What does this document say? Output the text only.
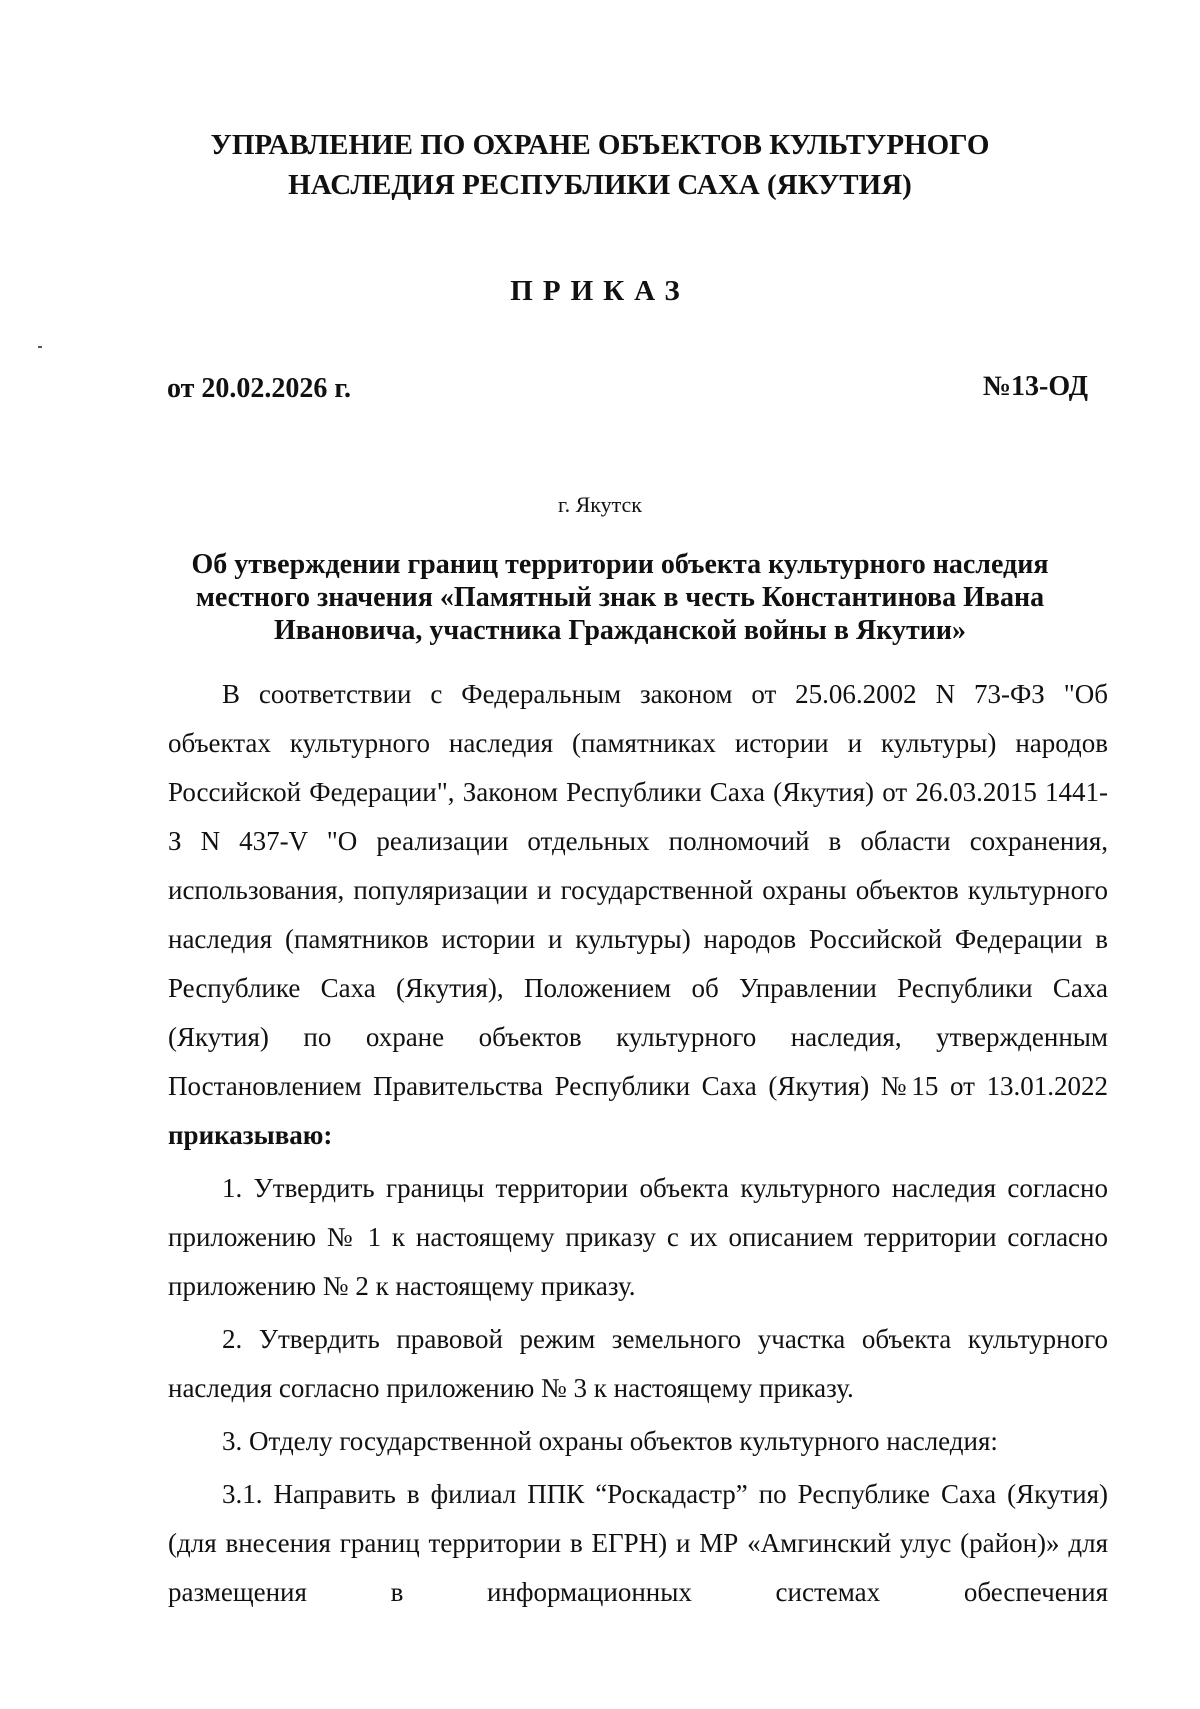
УПРАВЛЕНИЕ ПО ОХРАНЕ ОБЪЕКТОВ КУЛЬТУРНОГО
НАСЛЕДИЯ РЕСПУБЛИКИ САХА (ЯКУТИЯ)
ПРИКАЗ
от 20.02.2026 г.	№13-ОД
г. Якутск
Об утверждении границ территории объекта культурного наследия
местного значения «Памятный знак в честь Константинова Ивана
Ивановича, участника Гражданской войны в Якутии»

В соответствии с Федеральным законом от 25.06.2002 N 73-ФЗ "Об объектах культурного наследия (памятниках истории и культуры) народов Российской Федерации", Законом Республики Саха (Якутия) от 26.03.2015 1441-З N 437-V "О реализации отдельных полномочий в области сохранения, использования, популяризации и государственной охраны объектов культурного наследия (памятников истории и культуры) народов Российской Федерации в Республике Саха (Якутия), Положением об Управлении Республики Саха (Якутия) по охране объектов культурного наследия, утвержденным Постановлением Правительства Республики Саха (Якутия) №15 от 13.01.2022 приказываю:

1. Утвердить границы территории объекта культурного наследия согласно приложению № 1 к настоящему приказу с их описанием территории согласно приложению № 2 к настоящему приказу.

2. Утвердить правовой режим земельного участка объекта культурного наследия согласно приложению № 3 к настоящему приказу.

3. Отделу государственной охраны объектов культурного наследия:

3.1. Направить в филиал ППК “Роскадастр” по Республике Саха (Якутия) (для внесения границ территории в ЕГРН) и МР «Амгинский улус (район)» для размещения в информационных системах обеспечения
